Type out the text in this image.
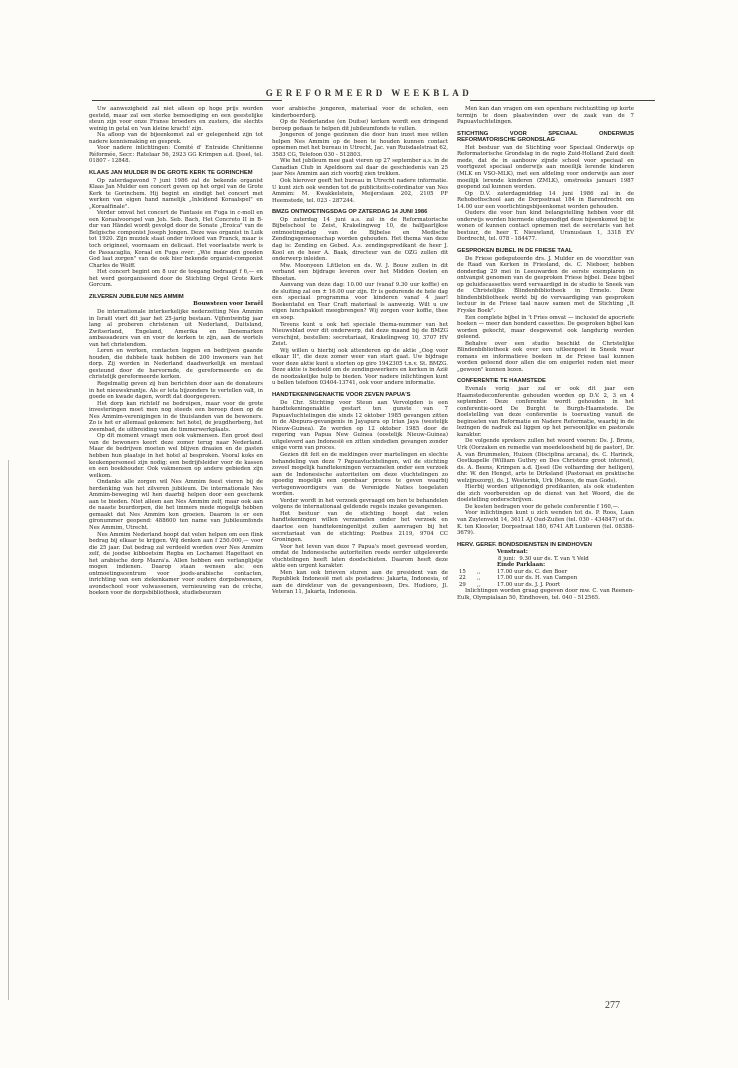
GEREFORMEERD WEEKBLAD

Uw aanwezigheid zal niet alleen op hoge prijs worden gesteld, maar zal een sterke bemoediging en een geestelijke steun zijn voor onze Franse broeders en zusters, die slechts weinig in getal en 'van kleine kracht' zijn.

Na afloop van de bijeenkomst zal er gelegenheid zijn tot nadere kennismaking en gesprek.

Voor nadere inlichtingen: Comité d' Entraide Chrétienne Réformée, Secr.: Ratelaar 56, 2923 GG Krimpen a.d. IJssel, tel. 01807 - 12848.

KLAAS JAN MULDER IN DE GROTE KERK TE GORINCHEM

Op zaterdagavond 7 juni 1986 zal de bekende organist Klaas Jan Mulder een concert geven op het orgel van de Grote Kerk te Gorinchem. Hij begint en eindigt het concert met werken van eigen hand namelijk „Inleidend Koraalspel" en „Koraalfinale".

Verder omvat het concert de Fantasie en Fuga in c-moll en een Koraalvoorspel van Joh. Seb. Bach, Het Concreto II in B-dur van Händel wordt gevolgd door de Sonate „Eroica" van de Belgische componist Joseph Jongen. Deze was organist in Luik tot 1920. Zijn muziek staat onder invloed van Franck, maar is toch origineel, voornaam en delicaat. Het voorlaatste werk is de Passacaglia, Koraal en Fuga over: „Wie maar den goeden God laat zorgen" van de ook hier bekende organist-componist Charles de Wolff.

Het concert begint om 8 uur de toegang bedraagt f 6,— en het werd georganiseerd door de Stichting Orgel Grote Kerk Gorcum.

ZILVEREN JUBILEUM NES AMMIM
Bouwsteen voor Israël

De internationale interkerkelijke nederzetting Nes Ammim in Israël viert dit jaar het 25-jarig bestaan. Vijfentwintig jaar lang al proberen christenen uit Nederland, Duitsland, Zwitserland, Engeland, Amerika en Denemarken ambassadeurs van en voor de kerken te zijn, aan de wortels van het christendom.

Leren en werken, contacten leggen en bedrijven gaande houden, die dubbele taak hebben de 200 inwoners van het dorp. Zij worden in Nederland daadwerkelijk en mentaal gesteund door de hervormde, de gereformeerde en de christelijk gereformeerde kerken.

Regelmatig geven zij hun berichten door aan de donateurs in het nieuwskrantje. Als er leta bijzonders te vertellen valt, in goede en kwade dagen, wordt dat doorgegeven.

Het dorp kan richtelf ne bedruipen, maar voor de grote investeringen moet men nog steeds een beroep doen op de Nes Ammim-verenigingen in de thuislanden van de bewoners. Zo is het er allemaal gekomen: het hotel, de jeugdherberg, het zwembad, de uitbreiding van de timmerwerkplaats.

Op dit moment vraagt men ook vakmensen. Een groot deel van de bewoners keert deze zomer terug naar Nederland. Maar de bedrijven moeten wel blijven draaien en de gasten hebben hun plaatsje in het hotel al besproken. Vooral koks en keukenpersoneel zijn nodig; een bedrijfsleider voor de kassen en een boekhouder. Ook vakmensen op andere gebieden zijn welkom.

Ondanks alle zorgen wil Nes Ammim feest vieren bij de herdenking van het zilveren jubileum. De internationale Nes Ammim-beweging wil hen daarbij helpen door een geschenk aan te bieden. Niet alleen aan Nes Ammim zelf, maar ook aan de naaste buurdorpen, die het immers mede mogelijk hebben gemaakt dat Nes Ammim kon groeien. Daarom is er een gironummer geopend: 488600 ten name van Jubileumfonds Nes Ammim, Utrecht.

Nes Ammim Nederland hoopt dat velen helpen om een flink bedrag bij elkaar te krijgen. Wij denken aan f 250.000,— voor die 25 jaar. Dat bedrag zal verdeeld worden over Nes Ammim zelf, de joodse kibboetsim Regba en Lochamei Hagettaot en het arabische dorp Mazra'a. Allen hebben een verlanglijstje mogen indienen. Daarop staan wensen als: een ontmoetingscentrum voor joods-arabische contacten, inrichting van een ziekenkamer voor oudere dorpsbewoners, avondschool voor volwassenen, vernieuwing van de crèche, boeken voor de dorpsbibliotheek, studiebeurzen

voor arabische jongeren, materiaal voor de scholen, een kinderboerderij.

Op de Nederlandse (en Duitse) kerken wordt een dringend beroep gedaan te helpen dit jubileumfonds te vullen.

Jongeren of jonge gezinnen die door hun inzet mee willen helpen Nes Ammim op de been te houden kunnen contact opnemen met het bureau in Utrecht, Jac. van Ruisdaelstraat 62, 3583 CG, Telefoon 030 - 512803.

Wie het jubileum mee gaat vieren op 27 september a.s. in de Canadian Club in Apeldoorn zal daar de geschiedenis van 25 jaar Nes Ammim aan zich voorbij zien trekken.

Ook hierover geeft het bureau in Utrecht nadere informatie. U kunt zich ook wenden tot de publiciteits-coördinator van Nes Ammim: M. Kwakkelstein, Meijerslaan 202, 2105 PF Heemstede, tel. 023 - 287244.

BMZG ONTMOETINGSDAG OP ZATERDAG 14 JUNI 1986

Op zaterdag 14 juni a.s. zal in de Reformatorische Bijbelschool te Zeist, Krakelingweg 10, de halfjaarlijkse ontmoetingsdag van de Bijbelse en Medische Zendingsgemeenschap worden gehouden. Het thema van deze dag is: Zending en Gebed. A.s. zendingspredikant de heer J. Kool en de heer A. Baak, directeur van de OZG zullen dit onderwerp inleiden.

Mw. Moonyeen Littleton en ds. W. J. Bouw zullen in dit verband een bijdrage leveren over het Midden Oosten en Bhoetan.

Aanvang van deze dag: 10.00 uur (vanaf 9.30 uur koffie) en de sluiting zal om ± 16.00 uur zijn. Er is gedurende de hele dag een speciaal programma voor kinderen vanaf 4 jaar! Boekentafel en Tear Craft materiaal is aanwezig. Wilt u uw eigen lunchpakket meegbrengen? Wij zorgen voor koffie, thee en soep.

Tevens kunt u ook het speciale thema-nummer van het Nieuwsblad over dit onderwerp, dat deze maand bij de BMZG verschijnt, bestellen: secretariaat, Krakelingweg 10, 3707 HV Zeist.

Wij willen u hierbij ook attenderen op de aktie „Oog voor elkaar II", die deze zomer weer van start gaat. Uw bijdrage voor deze aktie kunt u storten op giro 1942305 t.n.v. St. BMZG. Deze aktie is bedoeld om de zendingswerkers en kerken in Azië de noodzakelijke hulp te bieden. Voor nadere inlichtingen kunt u bellen telefoon 03404-13741, ook voor andere informatie.

HANDTEKENINGENAKTIE VOOR ZEVEN PAPUA'S

De Chr. Stichting voor Steun aan Vervolgden is een handtekeningenaktie gestart ten gunste van 7 Papuavluchtelingen die sinds 12 oktober 1985 gevangen zitten in de Abepura-gevangenis in Jayapura op Irian Jaya (westelijk Nieuw-Guinea). Ze werden op 12 oktober 1985 door de regering van Papua New Guinea (oostelijk Nieuw-Guinea) uitgeleverd aan Indonesië en zitten sindsdien gevangen zonder enige vorm van proces.

Gezien dit feit en de meldingen over martelingen en slechte behandeling van deze 7 Papuavluchtelingen, wil de stichting zoveel mogelijk handtekeningen verzamelen onder een verzoek aan de Indonesische autoriteiten om deze vluchtelingen zo spoedig mogelijk een openbaar proces te geven waarbij vertegenwoordigers van de Verenigde Naties toegelaten worden.

Verder wordt in het verzoek gevraagd om hen te behandelen volgens de internationaal geldende regels inzake gevangenen.

Het bestuur van de stichting hoopt dat velen handtekeningen willen verzamelen onder het verzoek en daartoe een handtekeningenlijst zullen aanvragen bij het secretariaat van de stichting: Postbus 2119, 9704 CC Groningen.

Voor het leven van deze 7 Papua's moet gevreesd worden, omdat de Indonesische autoriteiten reeds eerder uitgeleverde vluchtelingen heeft laten doodschieten. Daarom heeft deze aktie een urgent karakter.

Men kan ook brieven sturen aan de president van de Republiek Indonesië met als postadres: Jakarta, Indonesia, of aan de direkteur van de gevangenissen, Drs. Hudioro, Jl. Veteran 11, Jakarta, Indonesia.

Men kan dan vragen om een openbare rechtszitting op korte termijn te doen plaatsvinden over de zaak van de 7 Papuavluchtelingen.

STICHTING VOOR SPECIAAL ONDERWIJS REFORMATORISCHE GRONDSLAG

Het bestuur van de Stichting voor Speciaal Onderwijs op Reformatorische Grondslag in de regio Zuid-Holland Zuid deelt mede, dat de in aanbouw zijnde school voor speciaal en voortgezet speciaal onderwijs aan moeilijk lerende kinderen (MLK en VSO-MLK), met een afdeling voor onderwijs aan zeer moeilijk lerende kinderen (ZMLK), omstreeks januari 1987 geopend zal kunnen worden.

Op D.V. zaterdagmiddag 14 juni 1986 zal in de Rehobothschool aan de Dorpsstraat 184 in Barendrecht om 14.00 uur een voorlichtingsbijeenkomst worden gehouden.

Ouders die voor hun kind belangstelling hebben voor dit onderwijs worden hiermede uitgenodigd deze bijeenkomst bij te wonen of kunnen contact opnemen met de secretaris van het bestuur, de heer T. Nieuwland, Uranuslaan 1, 3318 EV Dordrecht, tel. 078 - 184477.

GESPROKEN BIJBEL IN DE FRIESE TAAL

De Friese gedeputeerde drs. J. Mulder en de voorzitter van de Raad van Kerken in Friesland, ds. C. Nieboer, hebben donderdag 29 mei in Leeuwarden de eerste exemplaren in ontvangst genomen van de gesproken Friese bijbel. Deze bijbel op geluidscassettes werd vervaardigd in de studio te Sneek van de Christelijke Blindenbibliotheek in Ermelo. Deze blindenbibliotheek werkt bij de vervaardiging van gesproken lectuur in de Friese taal nauw samen met de Stichting „It Fryske Boek".

Een complete bijbel in 't Fries omvat — inclusief de apocriefe boeken — meer dan honderd cassettes. De gesproken bijbel kan worden gekocht, maar desgewenst ook langdurig worden geleend.

Behalve over een studio beschikt de Christelijke Blindenbibliotheek ook over een uitleenpost in Sneek waar romans en informatieve boeken in de Friese taal kunnen worden geleend door allen die om enigerlei reden niet meer „gewoon" kunnen lezen.

CONFERENTIE TE HAAMSTEDE

Evenals vorig jaar zal er ook dit jaar een Haamstedeconferentie gehouden worden op D.V. 2, 3 en 4 september. Deze conferentie wordt gehouden in het conferentie-oord De Burght te Burgh-Haamstede. De doelstelling van deze conferentie is toerusting vanuit de beginselen van Reformatie en Nadere Reformatie, waarbij in de lezingen de nadruk zal liggen op het persoonlijke en pastorale karakter.

De volgende sprekers zullen het woord voeren: Ds. J. Brons, Urk (Oorzaken en remedie van moedeloosheid bij de pastor), Dr. A. van Brummelen, Huizen (Disciplina arcana), ds. C. Harinck, Oostkapelle (William Guthry en Des Christens groot interest), ds. A. Beens, Krimpen a.d. IJssel (De volharding der heiligen), dhr. W. den Hengst, arts te Dirksland (Pastoraat en praktische welzijnszorg), ds. J. Westerink, Urk (Mozes, de man Gods).

Hierbij worden uitgenodigd predikanten, als ook studenten die zich voorbereiden op de dienst van het Woord, die de doelstelling onderschrijven.

De kosten bedragen voor de gehele conferentie f 160,—.

Voor inlichtingen kunt u zich wenden tot ds. P. Roos, Laan van Zuylenveld 14, 3611 AJ Oud-Zuilen (tel. 030 - 434847) of ds. K. ten Klooster, Dorpsstraat 180, 6741 AR Lunteren (tel. 08388-3679).

HERV. GEREF. BONDSDIENSTEN IN EINDHOVEN

Venstraat:

8 juni:	9.30 uur ds. T. van 't Veld

Einde Parklaan:

15	,,	17.00 uur ds. C. den Boer
22	,,	17.00 uur ds. H. van Campen
29	,,	17.00 uur ds. J. J. Poort

Inlichtingen worden graag gegeven door mw. C. van Reenen-Eulk, Olympialaan 50, Eindhoven, tel. 040 - 512565.

277
